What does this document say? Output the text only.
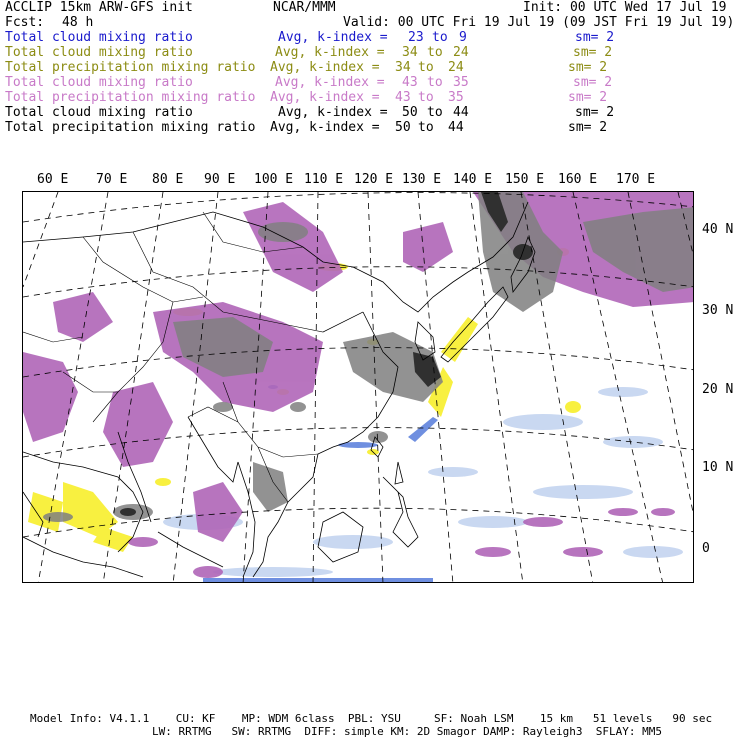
ACCLIP 15km ARW-GFS init	NCAR/MMM	Init: 00 UTC Wed 17 Jul 19
Fcst: 48 h	Valid: 00 UTC Fri 19 Jul 19 (09 JST Fri 19 Jul 19)
Total cloud mixing ratio	Avg, k-index = 23 to 9	sm= 2
Total cloud mixing ratio	Avg, k-index = 34 to 24	sm= 2
Total precipitation mixing ratio Avg, k-index = 34 to 24	sm= 2
Total cloud mixing ratio	Avg, k-index = 43 to 35	sm= 2
Total precipitation mixing ratio Avg, k-index = 43 to 35	sm= 2
Total cloud mixing ratio	Avg, k-index = 50 to 44	sm= 2
Total precipitation mixing ratio Avg, k-index = 50 to 44	sm= 2
60 E 70 E 80 E 90 E 100 E 110 E 120 E 130 E 140 E 150 E 160 E 170 E
40 N
30 N
20 N
10 N
0
Model Info: V4.1.1    CU: KF    MP: WDM 6class  PBL: YSU     SF: Noah LSM    15 km   51 levels   90 sec
LW: RRTMG   SW: RRTMG  DIFF: simple KM: 2D Smagor DAMP: Rayleigh3  SFLAY: MM5
